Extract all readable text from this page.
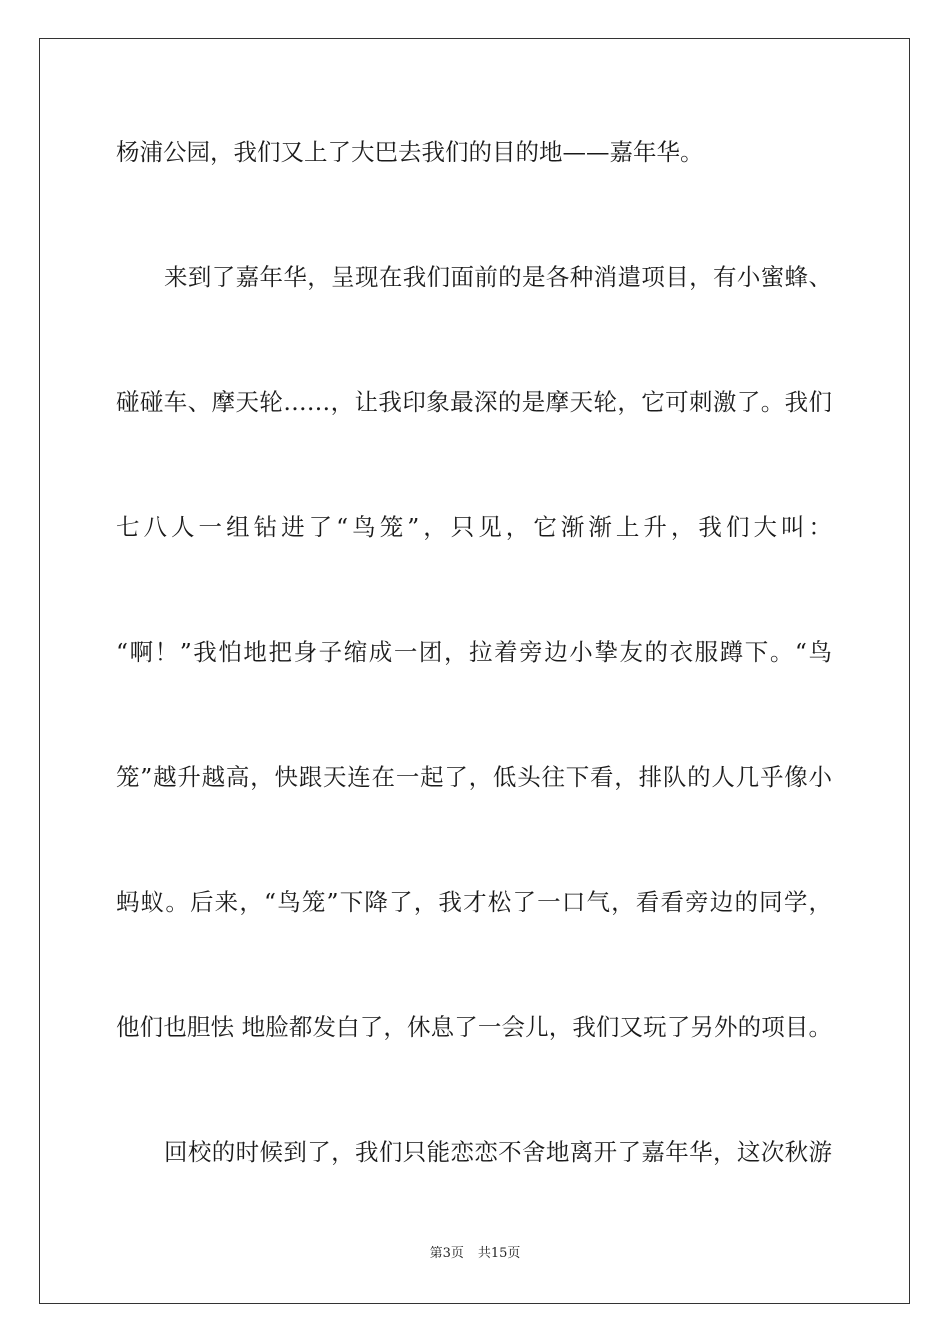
杨浦公园，我们又上了大巴去我们的目的地——嘉年华。
来到了嘉年华，呈现在我们面前的是各种消遣项目，有小蜜蜂、
碰碰车、摩天轮……，让我印象最深的是摩天轮，它可刺激了。我们
七八人一组钻进了“鸟笼”，只见，它渐渐上升，我们大叫：
“啊！”我怕地把身子缩成一团，拉着旁边小挚友的衣服蹲下。“鸟
笼”越升越高，快跟天连在一起了，低头往下看，排队的人几乎像小
蚂蚁。后来，“鸟笼”下降了，我才松了一口气，看看旁边的同学，
他们也胆怯 地脸都发白了，休息了一会儿，我们又玩了另外的项目。
回校的时候到了，我们只能恋恋不舍地离开了嘉年华，这次秋游
第3页 共15页
